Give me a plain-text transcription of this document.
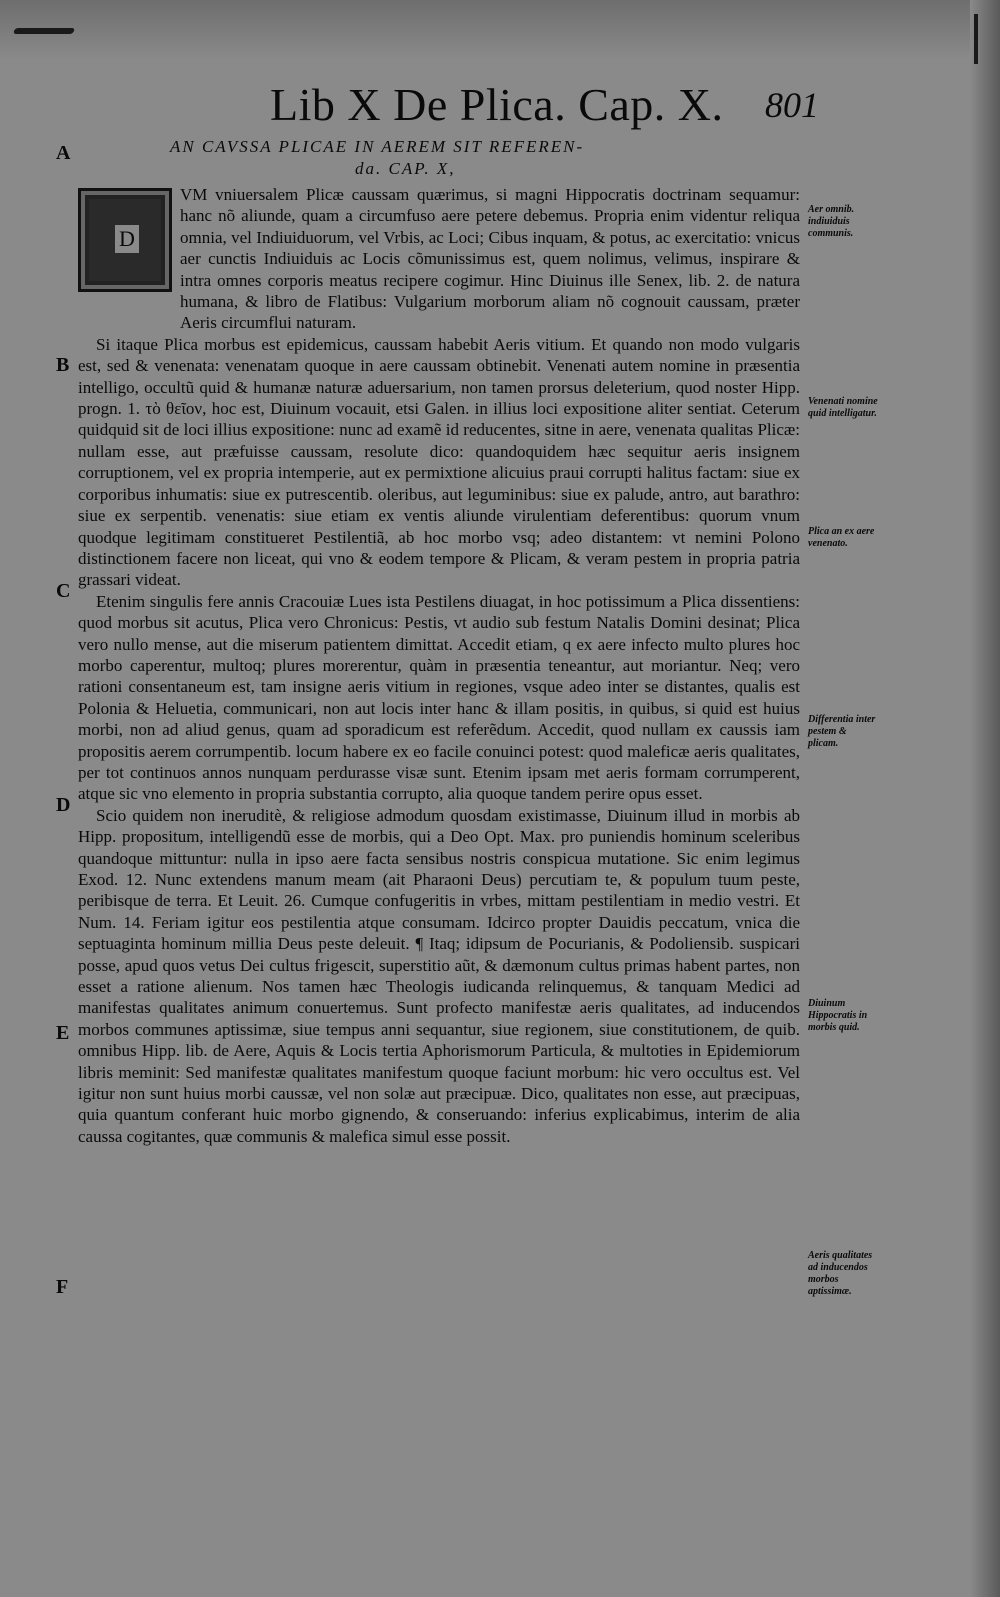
Lib X De Plica. Cap. X. 801
A
B
C
D
E
F
AN CAVSSA PLICAE IN AEREM SIT REFEREN-
da. CAP. X,
D

VM vniuersalem Plicæ caussam quærimus, si magni Hippocratis doctrinam sequamur: hanc nõ aliunde, quam a circumfuso aere petere debemus. Propria enim videntur reliqua omnia, vel Indiuiduorum, vel Vrbis, ac Loci; Cibus inquam, & potus, ac exercitatio: vnicus aer cunctis Indiuiduis ac Locis cõmunissimus est, quem nolimus, velimus, inspirare & intra omnes corporis meatus recipere cogimur. Hinc Diuinus ille Senex, lib. 2. de natura humana, & libro de Flatibus: Vulgarium morborum aliam nõ cognouit caussam, præter Aeris circumflui naturam.

Si itaque Plica morbus est epidemicus, caussam habebit Aeris vitium. Et quando non modo vulgaris est, sed & venenata: venenatam quoque in aere caussam obtinebit. Venenati autem nomine in præsentia intelligo, occultũ quid & humanæ naturæ aduersarium, non tamen prorsus deleterium, quod noster Hipp. progn. 1. τὸ θεῖον, hoc est, Diuinum vocauit, etsi Galen. in illius loci expositione aliter sentiat. Ceterum quidquid sit de loci illius expositione: nunc ad examẽ id reducentes, sitne in aere, venenata qualitas Plicæ: nullam esse, aut præfuisse caussam, resolute dico: quandoquidem hæc sequitur aeris insignem corruptionem, vel ex propria intemperie, aut ex permixtione alicuius praui corrupti halitus factam: siue ex corporibus inhumatis: siue ex putrescentib. oleribus, aut leguminibus: siue ex palude, antro, aut barathro: siue ex serpentib. venenatis: siue etiam ex ventis aliunde virulentiam deferentibus: quorum vnum quodque legitimam constitueret Pestilentiã, ab hoc morbo vsq; adeo distantem: vt nemini Polono distinctionem facere non liceat, qui vno & eodem tempore & Plicam, & veram pestem in propria patria grassari videat.

Etenim singulis fere annis Cracouiæ Lues ista Pestilens diuagat, in hoc potissimum a Plica dissentiens: quod morbus sit acutus, Plica vero Chronicus: Pestis, vt audio sub festum Natalis Domini desinat; Plica vero nullo mense, aut die miserum patientem dimittat. Accedit etiam, q ex aere infecto multo plures hoc morbo caperentur, multoq; plures morerentur, quàm in præsentia teneantur, aut moriantur. Neq; vero rationi consentaneum est, tam insigne aeris vitium in regiones, vsque adeo inter se distantes, qualis est Polonia & Heluetia, communicari, non aut locis inter hanc & illam positis, in quibus, si quid est huius morbi, non ad aliud genus, quam ad sporadicum est referẽdum. Accedit, quod nullam ex caussis iam propositis aerem corrumpentib. locum habere ex eo facile conuinci potest: quod maleficæ aeris qualitates, per tot continuos annos nunquam perdurasse visæ sunt. Etenim ipsam met aeris formam corrumperent, atque sic vno elemento in propria substantia corrupto, alia quoque tandem perire opus esset.

Scio quidem non ineruditè, & religiose admodum quosdam existimasse, Diuinum illud in morbis ab Hipp. propositum, intelligendũ esse de morbis, qui a Deo Opt. Max. pro puniendis hominum sceleribus quandoque mittuntur: nulla in ipso aere facta sensibus nostris conspicua mutatione. Sic enim legimus Exod. 12. Nunc extendens manum meam (ait Pharaoni Deus) percutiam te, & populum tuum peste, peribisque de terra. Et Leuit. 26. Cumque confugeritis in vrbes, mittam pestilentiam in medio vestri. Et Num. 14. Feriam igitur eos pestilentia atque consumam. Idcirco propter Dauidis peccatum, vnica die septuaginta hominum millia Deus peste deleuit. ¶ Itaq; idipsum de Pocurianis, & Podoliensib. suspicari posse, apud quos vetus Dei cultus frigescit, superstitio aũt, & dæmonum cultus primas habent partes, non esset a ratione alienum. Nos tamen hæc Theologis iudicanda relinquemus, & tanquam Medici ad manifestas qualitates animum conuertemus. Sunt profecto manifestæ aeris qualitates, ad inducendos morbos communes aptissimæ, siue tempus anni sequantur, siue regionem, siue constitutionem, de quib. omnibus Hipp. lib. de Aere, Aquis & Locis tertia Aphorismorum Particula, & multoties in Epidemiorum libris meminit: Sed manifestæ qualitates manifestum quoque faciunt morbum: hic vero occultus est. Vel igitur non sunt huius morbi caussæ, vel non solæ aut præcipuæ. Dico, qualitates non esse, aut præcipuas, quia quantum conferant huic morbo gignendo, & conseruando: inferius explicabimus, interim de alia caussa cogitantes, quæ communis & malefica simul esse possit.

Aer omnib. indiuiduis communis.
Venenati nomine quid intelligatur.
Plica an ex aere venenato.
Differentia inter pestem & plicam.
Diuinum Hippocratis in morbis quid.
Aeris qualitates ad inducendos morbos aptissimæ.
